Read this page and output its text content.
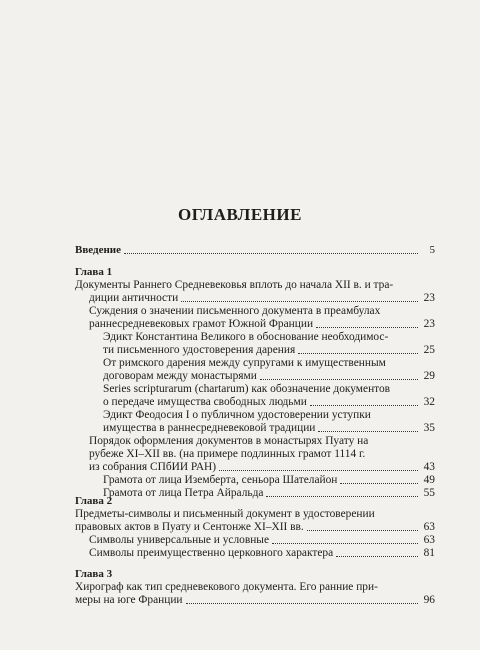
ОГЛАВЛЕНИЕ
Введение	5
Глава 1
Документы Раннего Средневековья вплоть до начала XII в. и тра-
диции античности	23
Суждения о значении письменного документа в преамбулах
раннесредневековых грамот Южной Франции	23
Эдикт Константина Великого в обоснование необходимос-
ти письменного удостоверения дарения	25
От римского дарения между супругами к имущественным
договорам между монастырями	29
Series scripturarum (chartarum) как обозначение документов
о передаче имущества свободных людьми	32
Эдикт Феодосия I о публичном удостоверении уступки
имущества в раннесредневековой традиции	35
Порядок оформления документов в монастырях Пуату на
рубеже XI–XII вв. (на примере подлинных грамот 1114 г.
из собрания СПбИИ РАН)	43
Грамота от лица Иземберта, сеньора Шателайон	49
Грамота от лица Петра Айральда	55
Глава 2
Предметы-символы и письменный документ в удостоверении
правовых актов в Пуату и Сентонже XI–XII вв.	63
Символы универсальные и условные	63
Символы преимущественно церковного характера	81
Глава 3
Хирограф как тип средневекового документа. Его ранние при-
меры на юге Франции	96
